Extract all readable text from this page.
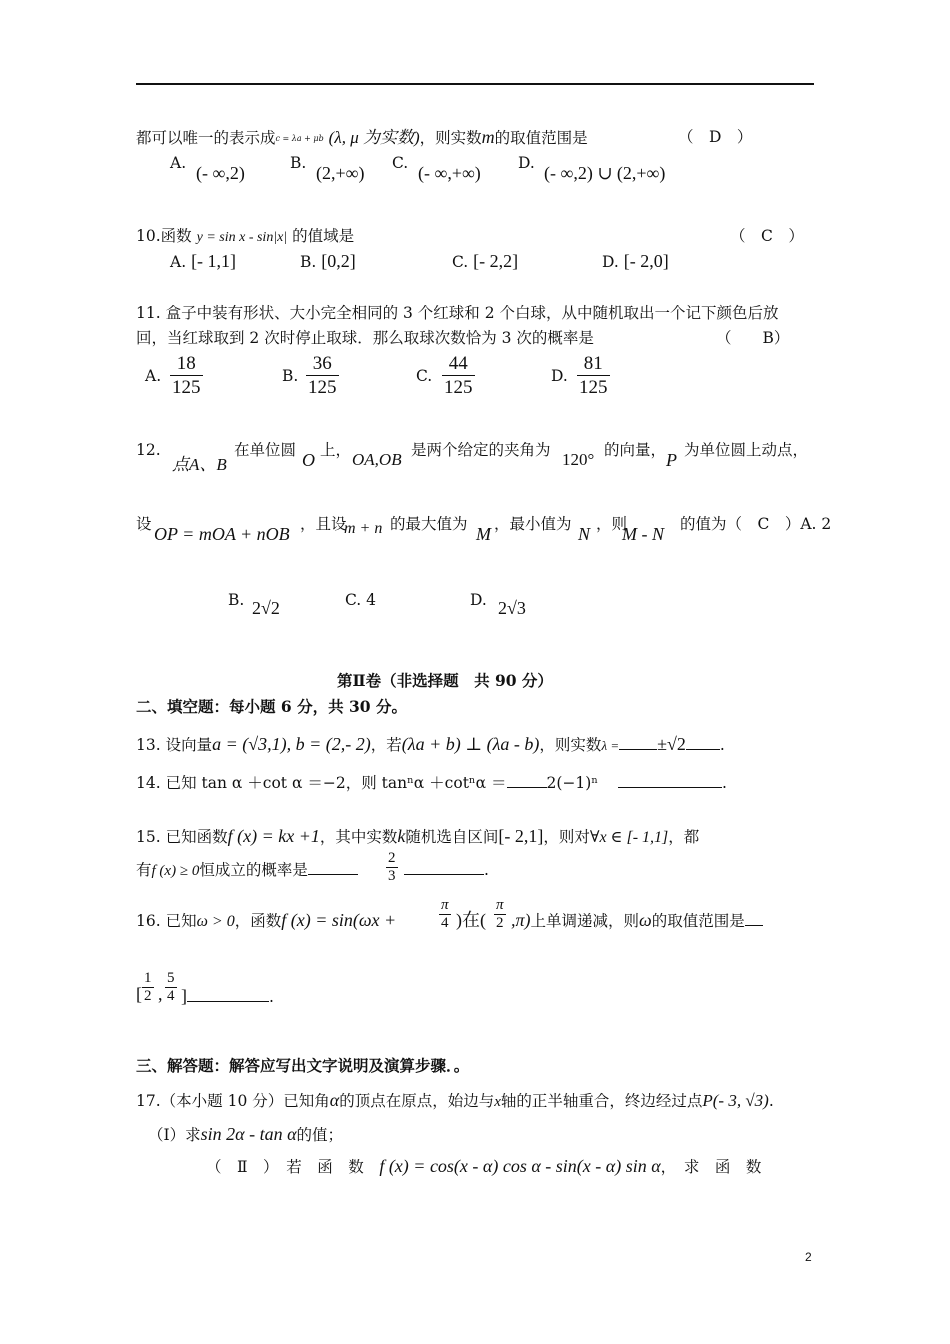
都可以唯一的表示成c = λa + μb (λ, μ 为实数)，则实数m的取值范围是	（　D　）
A. (- ∞,2)	B. (2,+∞) C. (- ∞,+∞) D. (- ∞,2) ∪ (2,+∞)
10.函数 y = sin x - sin|x| 的值域是	（　C　）
A. [- 1,1]	B. [0,2]	C. [- 2,2]	D. [- 2,0]
11. 盒子中装有形状、大小完全相同的 3 个红球和 2 个白球，从中随机取出一个记下颜色后放
回，当红球取到 2 次时停止取球．那么取球次数恰为 3 次的概率是	（　　B）
A. $\frac{18}{125}$	B. $\frac{36}{125}$	C. $\frac{44}{125}$	D. $\frac{81}{125}$
12.
点A、B
在单位圆 O 上， OA,OB 是两个给定的夹角为 120° 的向量， P 为单位圆上动点，
设 OP = mOA + nOB ，且设
m + n 的最大值为 M ，最小值为 N ，则
M - N 的值为（　C　）A. 2
B. 2√2	C. 4	D. 2√3
第Ⅱ卷（非选择题　共 90 分）
二、填空题：每小题 6 分，共 30 分。
13. 设向量a = (√3,1), b = (2,- 2)，若(λa + b) ⊥ (λa - b)，则实数λ = ±√2 .
14. 已知 tan α ＋cot α ＝−2，则 tanⁿα ＋cotⁿα ＝	2(−1)ⁿ	.
15. 已知函数f (x) = kx +1，其中实数k随机选自区间[- 2,1]，则对∀x ∈ [- 1,1]，都
有f (x) ≥ 0恒成立的概率是	$\frac{2}{3}$	.
16. 已知ω > 0，函数f (x) = sin(ωx +	$\frac{\pi}{4}$ )在( $\frac{\pi}{2} ,\pi$)上单调递减，则ω的取值范围是
[ $\frac{1}{2}$ , $\frac{5}{4}$ ]	.
三、解答题：解答应写出文字说明及演算步骤．。
17.（本小题 10 分）已知角α的顶点在原点，始边与x轴的正半轴重合，终边经过点P(- 3, √3).
（Ⅰ）求sin 2α - tan α的值；
（　Ⅱ　）　若　函　数　 f (x) = cos(x - α) cos α - sin(x - α) sin α，　求　函　数
2
